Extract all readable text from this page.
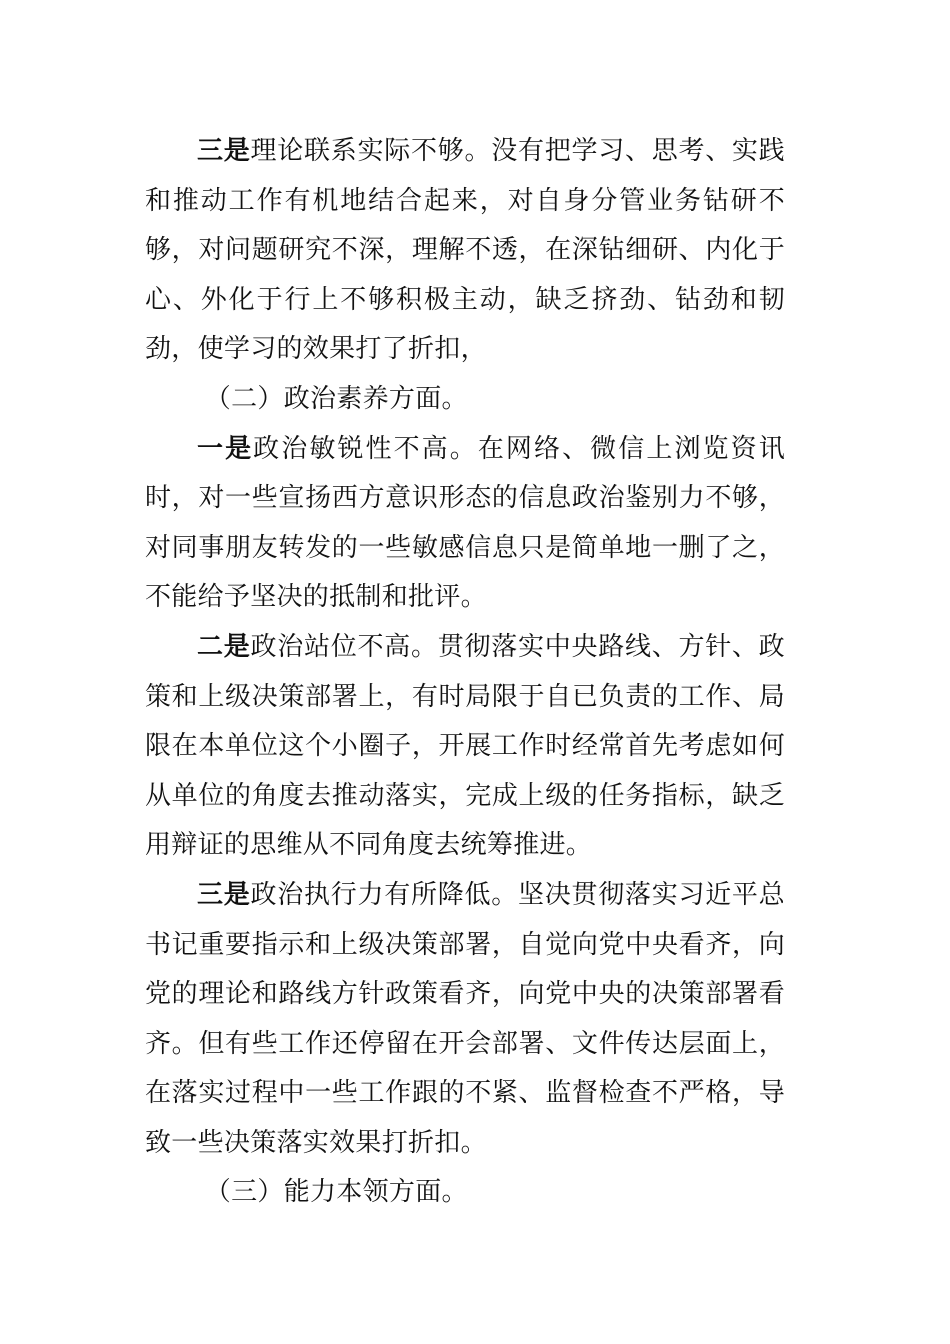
三是理论联系实际不够。没有把学习、思考、实践和推动工作有机地结合起来，对自身分管业务钻研不够，对问题研究不深，理解不透，在深钻细研、内化于心、外化于行上不够积极主动，缺乏挤劲、钻劲和韧劲，使学习的效果打了折扣，

（二）政治素养方面。

一是政治敏锐性不高。在网络、微信上浏览资讯时，对一些宣扬西方意识形态的信息政治鉴别力不够，对同事朋友转发的一些敏感信息只是简单地一删了之，不能给予坚决的抵制和批评。

二是政治站位不高。贯彻落实中央路线、方针、政策和上级决策部署上，有时局限于自已负责的工作、局限在本单位这个小圈子，开展工作时经常首先考虑如何从单位的角度去推动落实，完成上级的任务指标，缺乏用辩证的思维从不同角度去统筹推进。

三是政治执行力有所降低。坚决贯彻落实习近平总书记重要指示和上级决策部署，自觉向党中央看齐，向党的理论和路线方针政策看齐，向党中央的决策部署看齐。但有些工作还停留在开会部署、文件传达层面上，在落实过程中一些工作跟的不紧、监督检查不严格，导致一些决策落实效果打折扣。

（三）能力本领方面。
